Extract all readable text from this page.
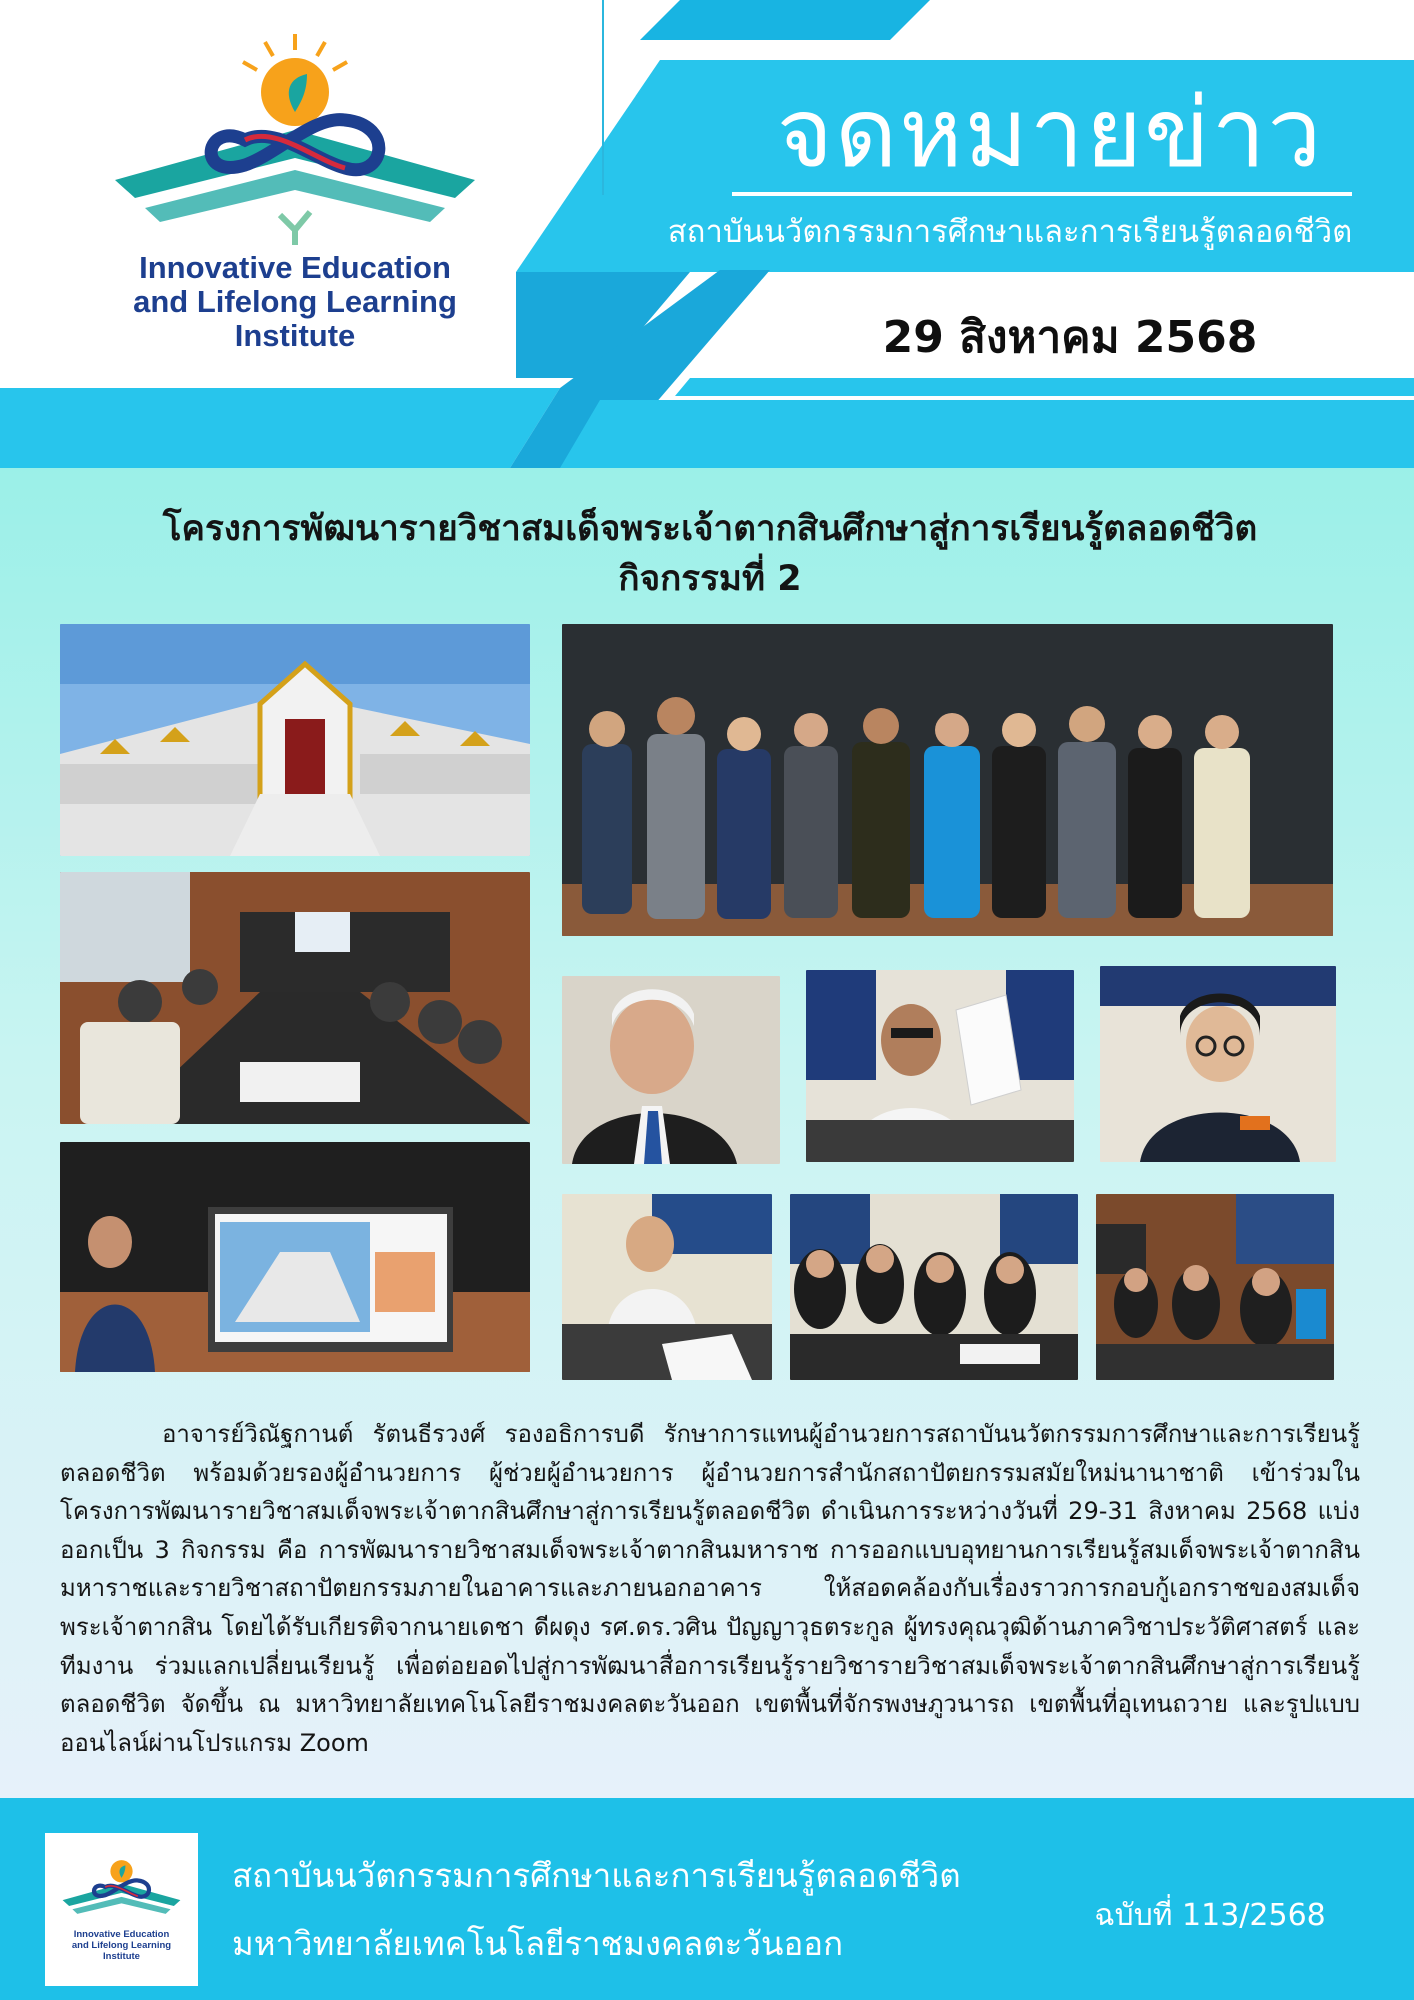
Innovative Education
and Lifelong Learning
Institute
จดหมายข่าว
สถาบันนวัตกรรมการศึกษาและการเรียนรู้ตลอดชีวิต
29 สิงหาคม 2568
โครงการพัฒนารายวิชาสมเด็จพระเจ้าตากสินศึกษาสู่การเรียนรู้ตลอดชีวิต
กิจกรรมที่ 2
อาจารย์วิณัฐกานต์ รัตนธีรวงศ์ รองอธิการบดี รักษาการแทนผู้อำนวยการสถาบันนวัตกรรมการศึกษาและการเรียนรู้ตลอดชีวิต พร้อมด้วยรองผู้อำนวยการ ผู้ช่วยผู้อำนวยการ ผู้อำนวยการสำนักสถาปัตยกรรมสมัยใหม่นานาชาติ เข้าร่วมในโครงการพัฒนารายวิชาสมเด็จพระเจ้าตากสินศึกษาสู่การเรียนรู้ตลอดชีวิต ดำเนินการระหว่างวันที่ 29-31 สิงหาคม 2568 แบ่งออกเป็น 3 กิจกรรม คือ การพัฒนารายวิชาสมเด็จพระเจ้าตากสินมหาราช การออกแบบอุทยานการเรียนรู้สมเด็จพระเจ้าตากสินมหาราชและรายวิชาสถาปัตยกรรมภายในอาคารและภายนอกอาคาร ให้สอดคล้องกับเรื่องราวการกอบกู้เอกราชของสมเด็จพระเจ้าตากสิน โดยได้รับเกียรติจากนายเดชา ดีผดุง รศ.ดร.วศิน ปัญญาวุธตระกูล ผู้ทรงคุณวุฒิด้านภาควิชาประวัติศาสตร์ และทีมงาน ร่วมแลกเปลี่ยนเรียนรู้ เพื่อต่อยอดไปสู่การพัฒนาสื่อการเรียนรู้รายวิชารายวิชาสมเด็จพระเจ้าตากสินศึกษาสู่การเรียนรู้ตลอดชีวิต จัดขึ้น ณ มหาวิทยาลัยเทคโนโลยีราชมงคลตะวันออก เขตพื้นที่จักรพงษภูวนารถ เขตพื้นที่อุเทนถวาย และรูปแบบออนไลน์ผ่านโปรแกรม Zoom
Innovative Education
and Lifelong Learning
Institute
สถาบันนวัตกรรมการศึกษาและการเรียนรู้ตลอดชีวิต
มหาวิทยาลัยเทคโนโลยีราชมงคลตะวันออก
ฉบับที่ 113/2568
